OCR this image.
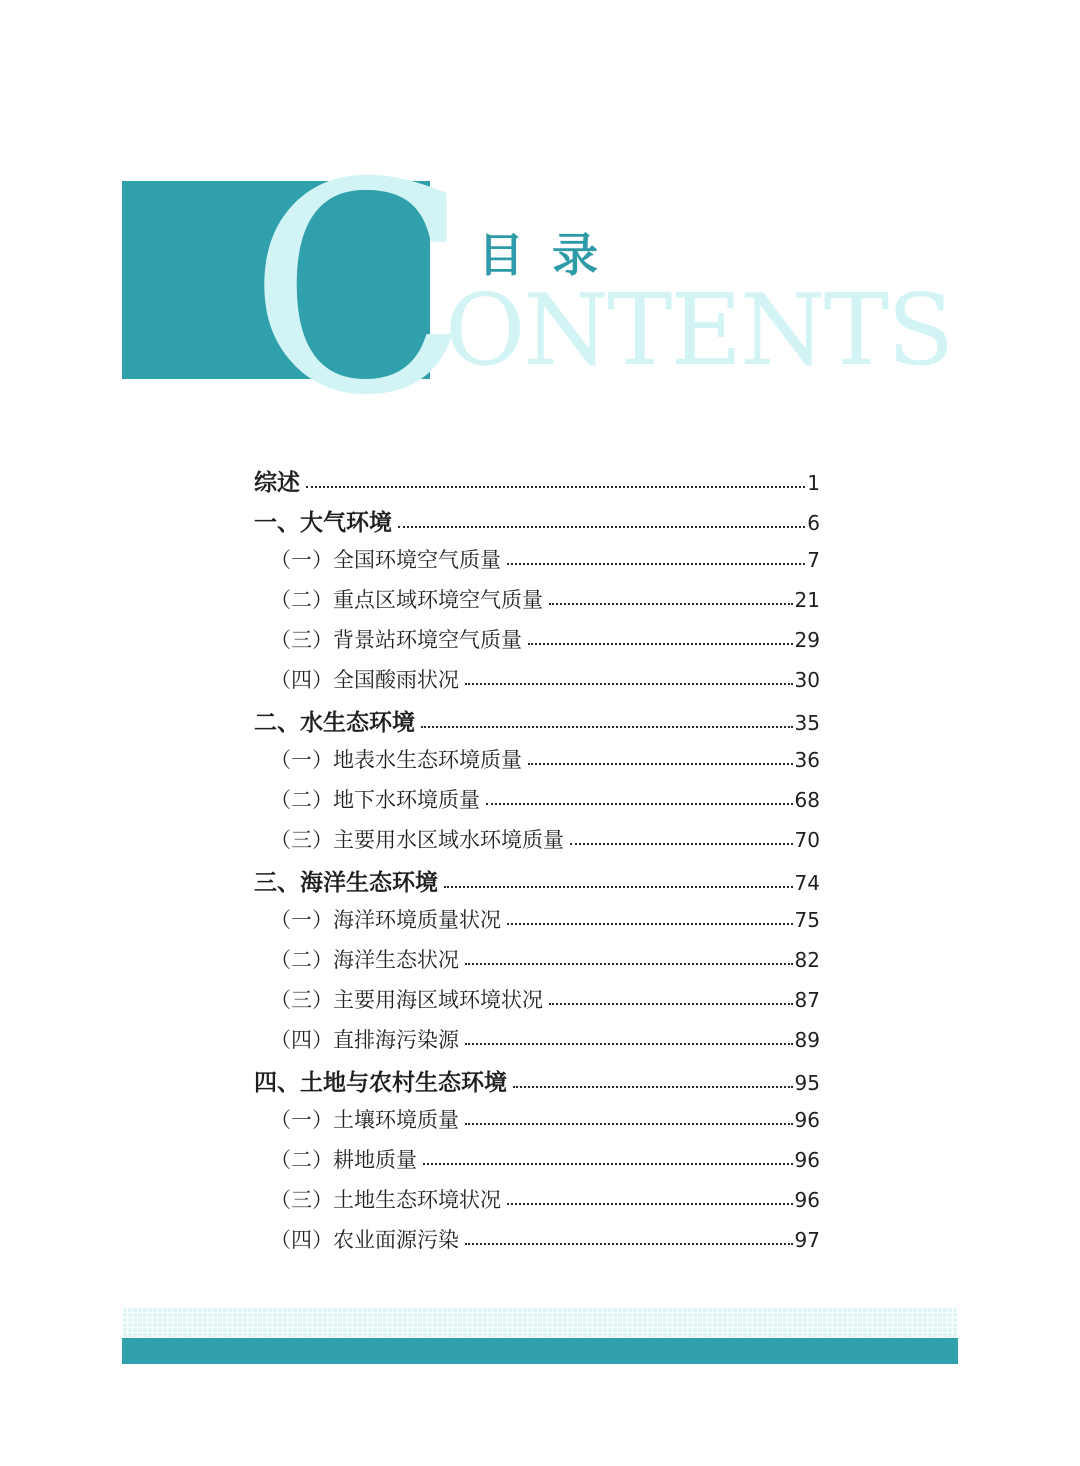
C
ONTENTS
目录
综述	1
一、大气环境	6
（一）全国环境空气质量	7
（二）重点区域环境空气质量	21
（三）背景站环境空气质量	29
（四）全国酸雨状况	30
二、水生态环境	35
（一）地表水生态环境质量	36
（二）地下水环境质量	68
（三）主要用水区域水环境质量	70
三、海洋生态环境	74
（一）海洋环境质量状况	75
（二）海洋生态状况	82
（三）主要用海区域环境状况	87
（四）直排海污染源	89
四、土地与农村生态环境	95
（一）土壤环境质量	96
（二）耕地质量	96
（三）土地生态环境状况	96
（四）农业面源污染	97
